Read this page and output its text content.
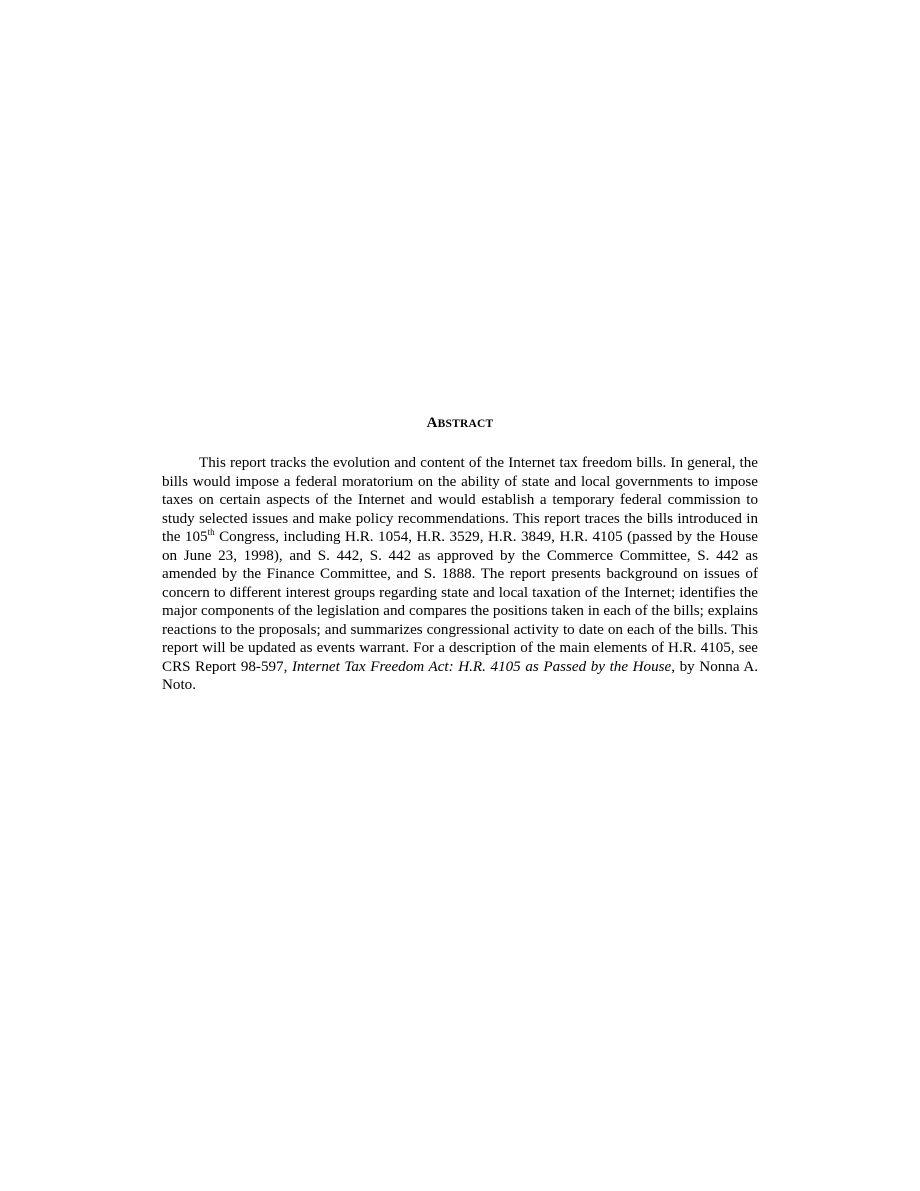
ABSTRACT

This report tracks the evolution and content of the Internet tax freedom bills. In general, the bills would impose a federal moratorium on the ability of state and local governments to impose taxes on certain aspects of the Internet and would establish a temporary federal commission to study selected issues and make policy recommendations. This report traces the bills introduced in the 105th Congress, including H.R. 1054, H.R. 3529, H.R. 3849, H.R. 4105 (passed by the House on June 23, 1998), and S. 442, S. 442 as approved by the Commerce Committee, S. 442 as amended by the Finance Committee, and S. 1888. The report presents background on issues of concern to different interest groups regarding state and local taxation of the Internet; identifies the major components of the legislation and compares the positions taken in each of the bills; explains reactions to the proposals; and summarizes congressional activity to date on each of the bills. This report will be updated as events warrant. For a description of the main elements of H.R. 4105, see CRS Report 98-597, Internet Tax Freedom Act: H.R. 4105 as Passed by the House, by Nonna A. Noto.
